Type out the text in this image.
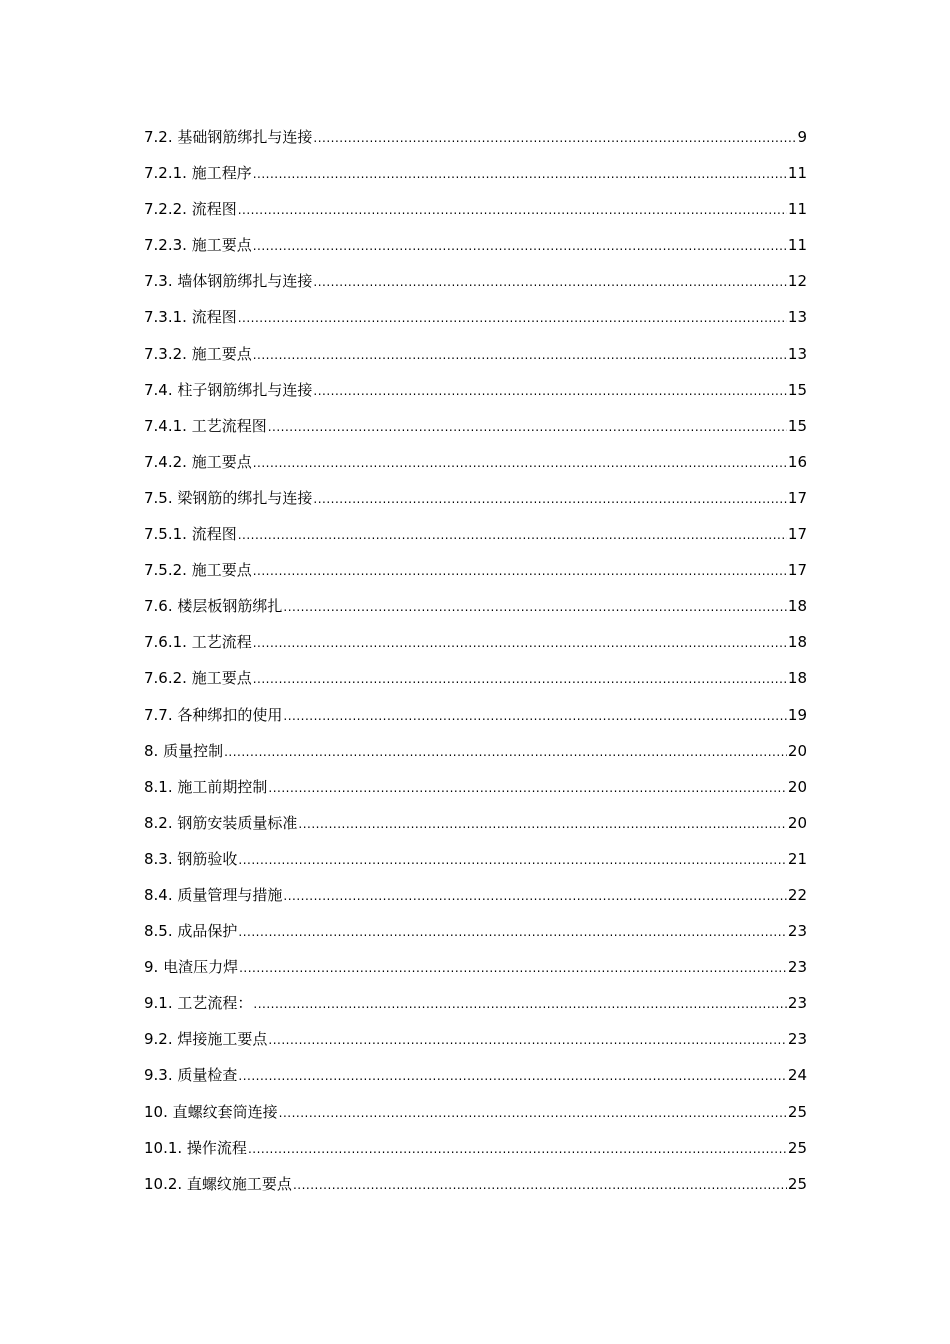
7.2. 基础钢筋绑扎与连接 .....	9
7.2.1. 施工程序 .....	11
7.2.2. 流程图 .....	11
7.2.3. 施工要点 .....	11
7.3. 墙体钢筋绑扎与连接 .....	12
7.3.1. 流程图 .....	13
7.3.2. 施工要点 .....	13
7.4. 柱子钢筋绑扎与连接 .....	15
7.4.1. 工艺流程图 .....	15
7.4.2. 施工要点 .....	16
7.5. 梁钢筋的绑扎与连接 .....	17
7.5.1. 流程图 .....	17
7.5.2. 施工要点 .....	17
7.6. 楼层板钢筋绑扎 .....	18
7.6.1. 工艺流程 .....	18
7.6.2. 施工要点 .....	18
7.7. 各种绑扣的使用 .....	19
8. 质量控制 .....	20
8.1. 施工前期控制 .....	20
8.2. 钢筋安装质量标准 .....	20
8.3. 钢筋验收 .....	21
8.4. 质量管理与措施 .....	22
8.5. 成品保护 .....	23
9. 电渣压力焊 .....	23
9.1. 工艺流程： .....	23
9.2. 焊接施工要点 .....	23
9.3. 质量检查 .....	24
10. 直螺纹套筒连接 .....	25
10.1. 操作流程 .....	25
10.2. 直螺纹施工要点 .....	25
